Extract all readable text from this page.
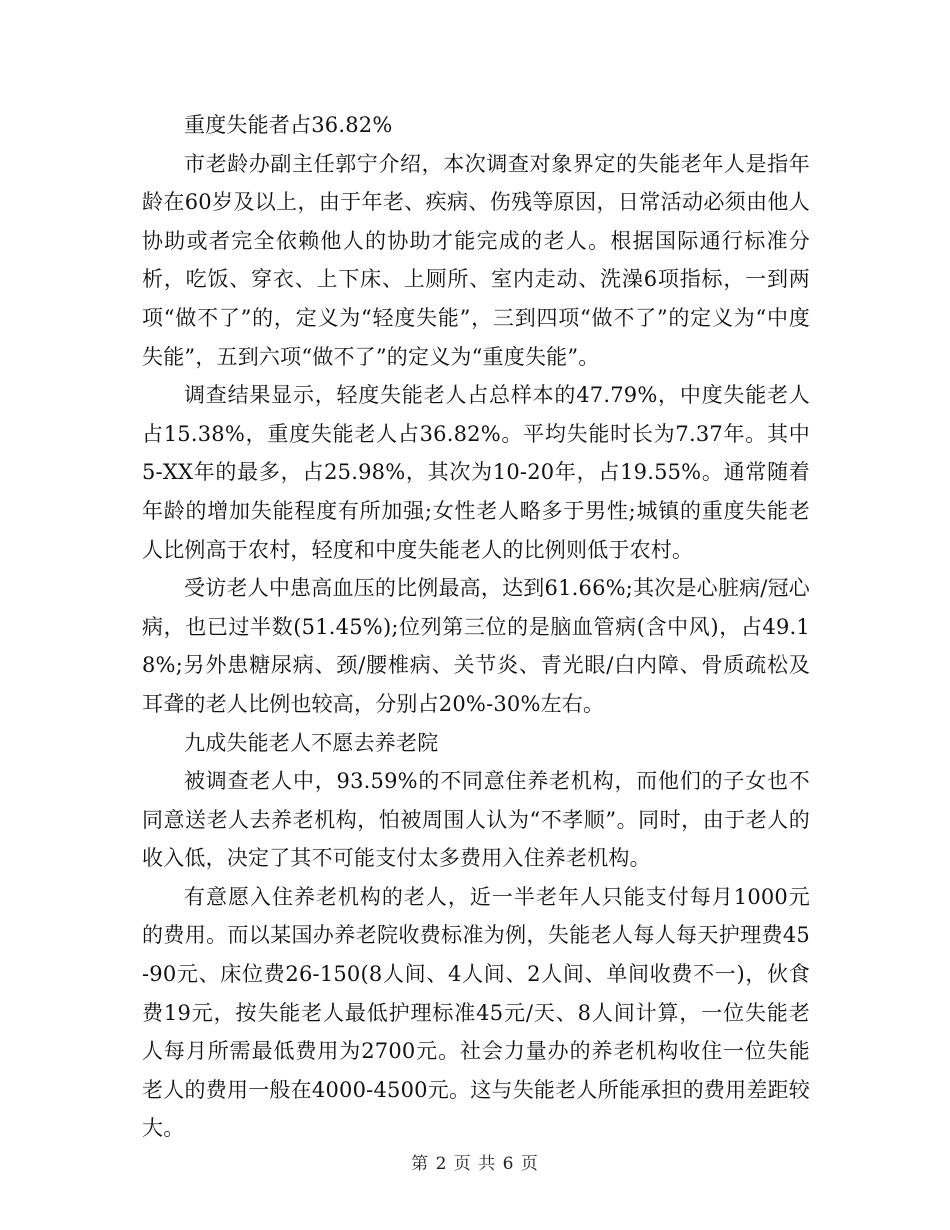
重度失能者占36.82%

市老龄办副主任郭宁介绍，本次调查对象界定的失能老年人是指年龄在60岁及以上，由于年老、疾病、伤残等原因，日常活动必须由他人协助或者完全依赖他人的协助才能完成的老人。根据国际通行标准分析，吃饭、穿衣、上下床、上厕所、室内走动、洗澡6项指标，一到两项“做不了”的，定义为“轻度失能”，三到四项“做不了”的定义为“中度失能”，五到六项“做不了”的定义为“重度失能”。

调查结果显示，轻度失能老人占总样本的47.79%，中度失能老人占15.38%，重度失能老人占36.82%。平均失能时长为7.37年。其中5-XX年的最多，占25.98%，其次为10-20年，占19.55%。通常随着年龄的增加失能程度有所加强;女性老人略多于男性;城镇的重度失能老人比例高于农村，轻度和中度失能老人的比例则低于农村。

受访老人中患高血压的比例最高，达到61.66%;其次是心脏病/冠心病，也已过半数(51.45%);位列第三位的是脑血管病(含中风)，占49.18%;另外患糖尿病、颈/腰椎病、关节炎、青光眼/白内障、骨质疏松及耳聋的老人比例也较高，分别占20%-30%左右。

九成失能老人不愿去养老院

被调查老人中，93.59%的不同意住养老机构，而他们的子女也不同意送老人去养老机构，怕被周围人认为“不孝顺”。同时，由于老人的收入低，决定了其不可能支付太多费用入住养老机构。

有意愿入住养老机构的老人，近一半老年人只能支付每月1000元的费用。而以某国办养老院收费标准为例，失能老人每人每天护理费45-90元、床位费26-150(8人间、4人间、2人间、单间收费不一)，伙食费19元，按失能老人最低护理标准45元/天、8人间计算，一位失能老人每月所需最低费用为2700元。社会力量办的养老机构收住一位失能老人的费用一般在4000-4500元。这与失能老人所能承担的费用差距较大。

第 2 页 共 6 页
